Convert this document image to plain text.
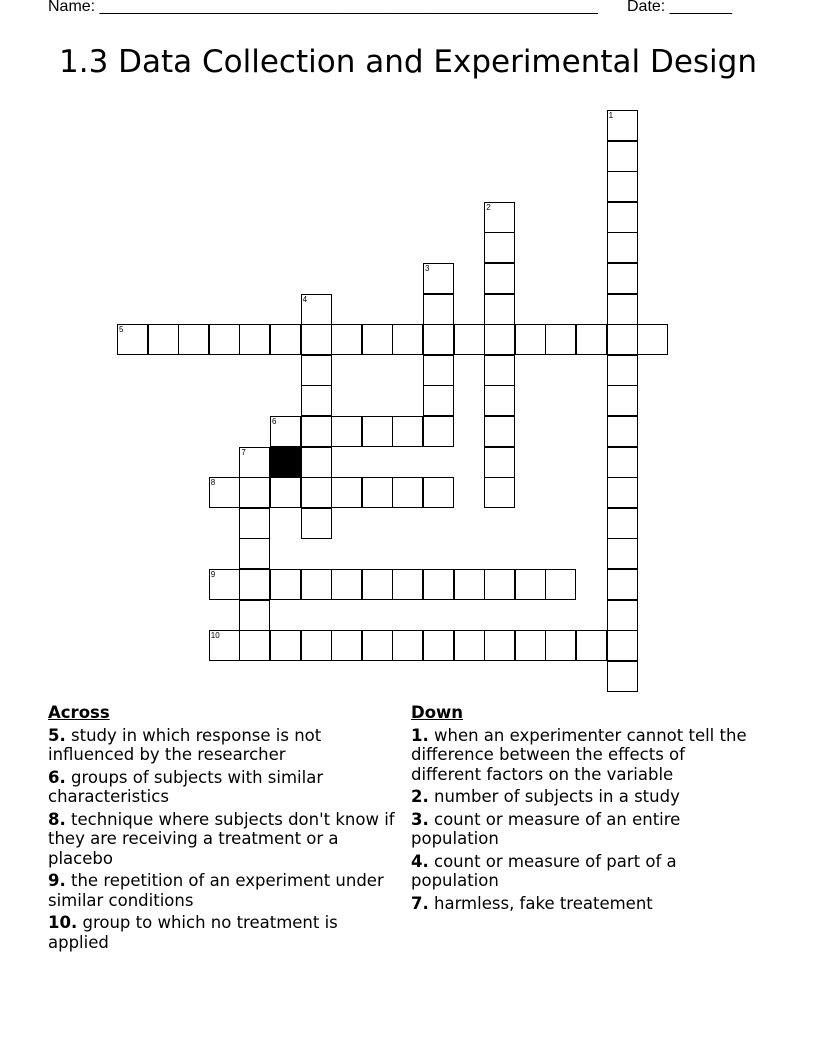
Name: ________________________________________________________ Date: _______
1.3 Data Collection and Experimental Design
1
2
3
4
5
6
7
8
9
10
Across
5. study in which response is not influenced by the researcher
6. groups of subjects with similar characteristics
8. technique where subjects don't know if they are receiving a treatment or a placebo
9. the repetition of an experiment under similar conditions
10. group to which no treatment is applied
Down
1. when an experimenter cannot tell the difference between the effects of different factors on the variable
2. number of subjects in a study
3. count or measure of an entire population
4. count or measure of part of a population
7. harmless, fake treatement
